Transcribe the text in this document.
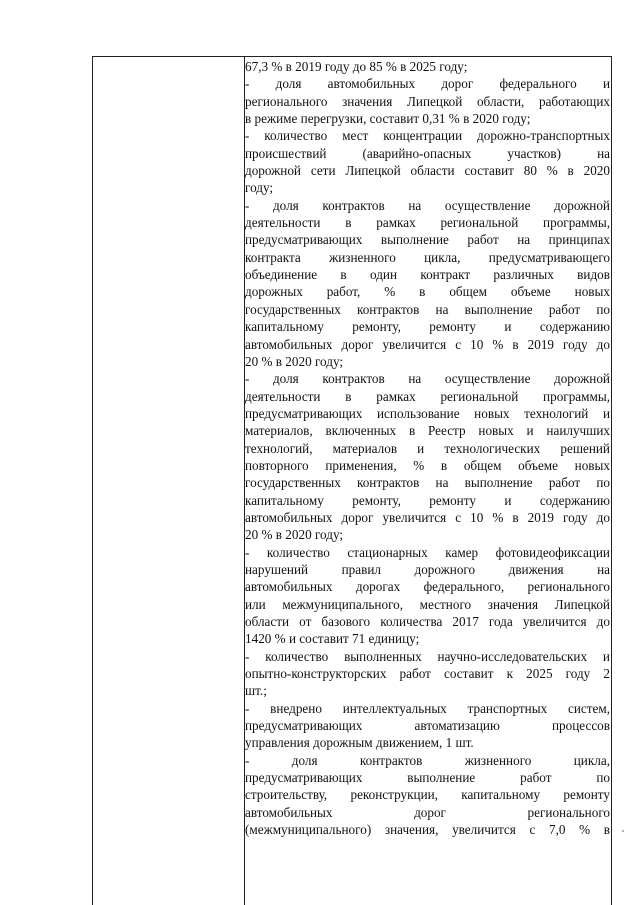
67,3 % в 2019 году до 85 % в 2025 году;
- доля автомобильных дорог федерального и
регионального значения Липецкой области, работающих
в режиме перегрузки, составит 0,31 % в 2020 году;
- количество мест концентрации дорожно-транспортных
происшествий (аварийно-опасных участков) на
дорожной сети Липецкой области составит 80 % в 2020
году;
- доля контрактов на осуществление дорожной
деятельности в рамках региональной программы,
предусматривающих выполнение работ на принципах
контракта жизненного цикла, предусматривающего
объединение в один контракт различных видов
дорожных работ, % в общем объеме новых
государственных контрактов на выполнение работ по
капитальному ремонту, ремонту и содержанию
автомобильных дорог увеличится с 10 % в 2019 году до
20 % в 2020 году;
- доля контрактов на осуществление дорожной
деятельности в рамках региональной программы,
предусматривающих использование новых технологий и
материалов, включенных в Реестр новых и наилучших
технологий, материалов и технологических решений
повторного применения, % в общем объеме новых
государственных контрактов на выполнение работ по
капитальному ремонту, ремонту и содержанию
автомобильных дорог увеличится с 10 % в 2019 году до
20 % в 2020 году;
- количество стационарных камер фотовидеофиксации
нарушений правил дорожного движения на
автомобильных дорогах федерального, регионального
или межмуниципального, местного значения Липецкой
области от базового количества 2017 года увеличится до
1420 % и составит 71 единицу;
- количество выполненных научно-исследовательских и
опытно-конструкторских работ составит к 2025 году 2
шт.;
- внедрено интеллектуальных транспортных систем,
предусматривающих автоматизацию процессов
управления дорожным движением, 1 шт.
- доля контрактов жизненного цикла,
предусматривающих выполнение работ по
строительству, реконструкции, капитальному ремонту
автомобильных дорог регионального
(межмуниципального) значения, увеличится с 7,0 % в
